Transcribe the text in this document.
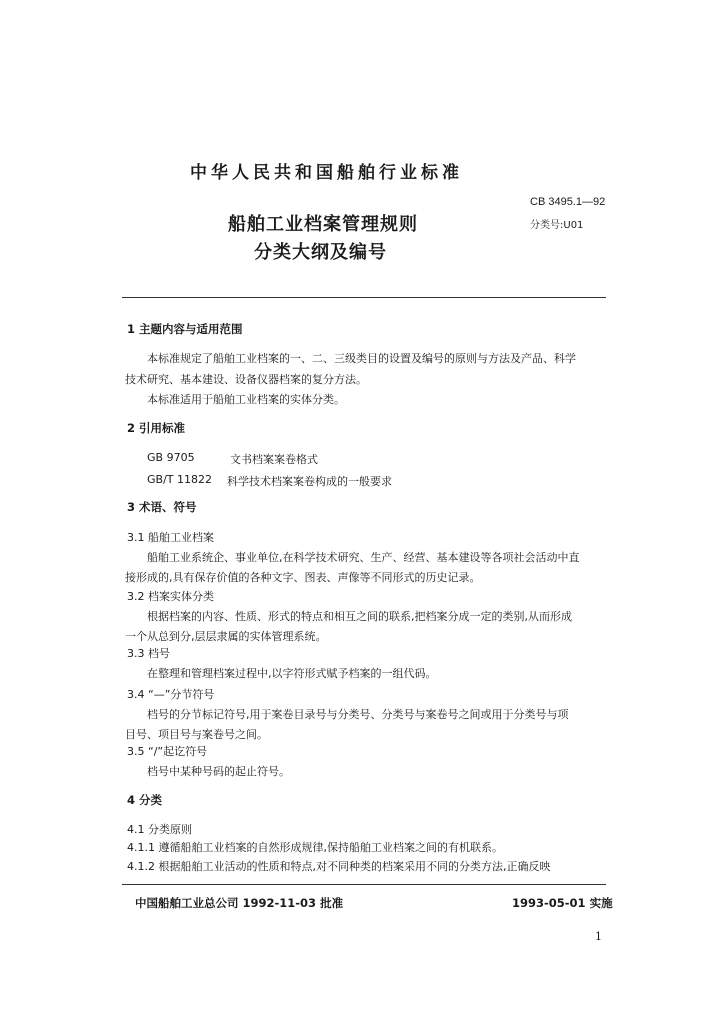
中华人民共和国船舶行业标准
CB 3495.1—92
分类号:U01
船舶工业档案管理规则
分类大纲及编号
1 主题内容与适用范围
本标准规定了船舶工业档案的一、二、三级类目的设置及编号的原则与方法及产品、科学
技术研究、基本建设、设备仪器档案的复分方法。
本标准适用于船舶工业档案的实体分类。
2 引用标准
GB 9705	文书档案案卷格式
GB/T 11822 科学技术档案案卷构成的一般要求
3 术语、符号
3.1 船舶工业档案
船舶工业系统企、事业单位,在科学技术研究、生产、经营、基本建设等各项社会活动中直
接形成的,具有保存价值的各种文字、图表、声像等不同形式的历史记录。
3.2 档案实体分类
根据档案的内容、性质、形式的特点和相互之间的联系,把档案分成一定的类别,从而形成
一个从总到分,层层隶属的实体管理系统。
3.3 档号
在整理和管理档案过程中,以字符形式赋予档案的一组代码。
3.4 “—”分节符号
档号的分节标记符号,用于案卷目录号与分类号、分类号与案卷号之间或用于分类号与项
目号、项目号与案卷号之间。
3.5 “/”起讫符号
档号中某种号码的起止符号。
4 分类
4.1 分类原则
4.1.1 遵循船舶工业档案的自然形成规律,保持船舶工业档案之间的有机联系。
4.1.2 根据船舶工业活动的性质和特点,对不同种类的档案采用不同的分类方法,正确反映
中国船舶工业总公司 1992-11-03 批准	1993-05-01 实施
1
